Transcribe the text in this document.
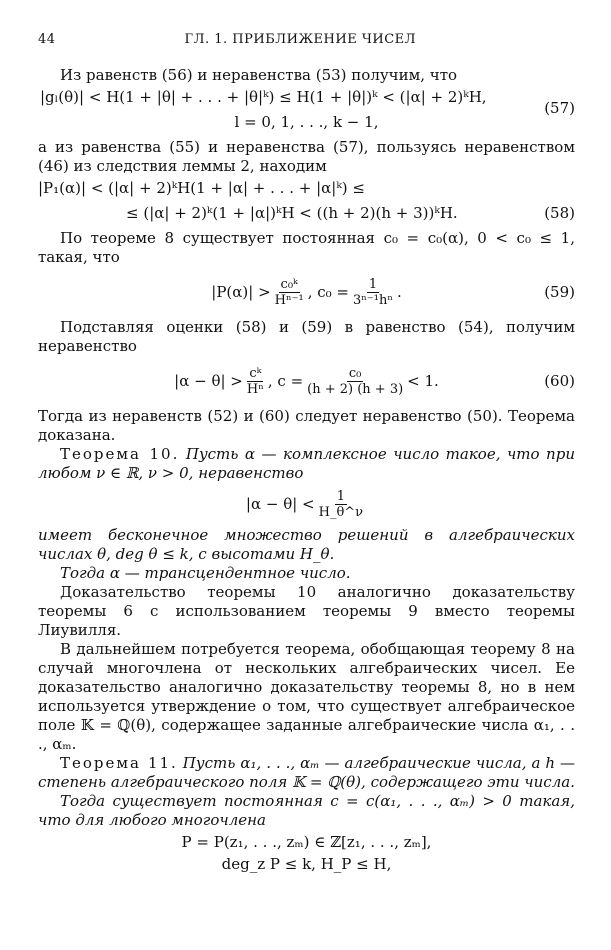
44	ГЛ. 1. ПРИБЛИЖЕНИЕ ЧИСЕЛ

Из равенств (56) и неравенства (53) получим, что

|gₗ(θ)| < H(1 + |θ| + . . . + |θ|ᵏ) ≤ H(1 + |θ|)ᵏ < (|α| + 2)ᵏH,
l = 0, 1, . . ., k − 1,
(57)

а из равенства (55) и неравенства (57), пользуясь неравенством (46) из следствия леммы 2, находим

|P₁(α)| < (|α| + 2)ᵏH(1 + |α| + . . . + |α|ᵏ) ≤
≤ (|α| + 2)ᵏ(1 + |α|)ᵏH < ((h + 2)(h + 3))ᵏH.	(58)

По теореме 8 существует постоянная c₀ = c₀(α), 0 < c₀ ≤ 1, такая, что

$|P(\alpha)| > \frac{\text{c₀ᵏ}}{\text{Hⁿ⁻¹}}$ , $c_0 = \frac{1}{\text{3ⁿ⁻¹hⁿ}}$ .	(59)

Подставляя оценки (58) и (59) в равенство (54), получим неравенство

$|\alpha - \theta| > \frac{\text{cᵏ}}{\text{Hⁿ}}$ , $c = \frac{\text{c₀}}{(h + 2) (h + 3)} < 1$.	(60)

Тогда из неравенств (52) и (60) следует неравенство (50). Теорема доказана.

Теорема 10. Пусть α — комплексное число такое, что при любом ν ∈ ℝ, ν > 0, неравенство

$|\alpha - \theta| < \frac{1}{H\_\theta\^{}\nu}$

имеет бесконечное множество решений в алгебраических числах θ, deg θ ≤ k, с высотами H_θ.

Тогда α — трансцендентное число.

Доказательство теоремы 10 аналогично доказательству теоремы 6 с использованием теоремы 9 вместо теоремы Лиувилля.

В дальнейшем потребуется теорема, обобщающая теорему 8 на случай многочлена от нескольких алгебраических чисел. Ее доказательство аналогично доказательству теоремы 8, но в нем используется утверждение о том, что существует алгебраическое поле 𝕂 = ℚ(θ), содержащее заданные алгебраические числа α₁, . . ., αₘ.

Теорема 11. Пусть α₁, . . ., αₘ — алгебраические числа, а h — степень алгебраического поля 𝕂 = ℚ(θ), содержащего эти числа.

Тогда существует постоянная c = c(α₁, . . ., αₘ) > 0 такая, что для любого многочлена

P = P(z₁, . . ., zₘ) ∈ ℤ[z₁, . . ., zₘ],
deg_z P ≤ k, H_P ≤ H,
